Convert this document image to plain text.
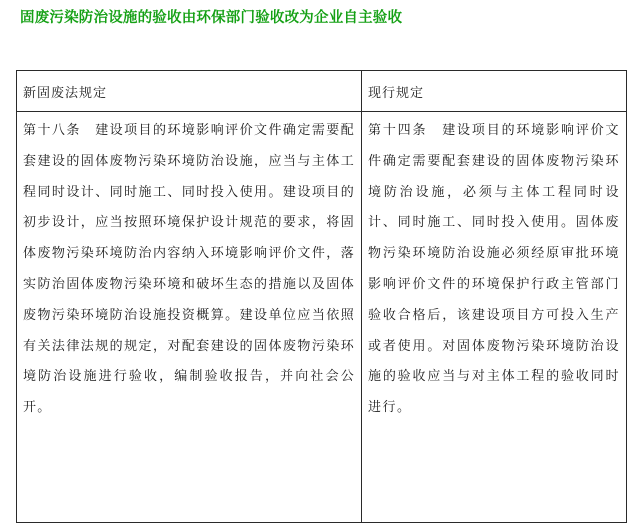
固废污染防治设施的验收由环保部门验收改为企业自主验收
新固废法规定
第十八条　建设项目的环境影响评价文件确定需要配套建设的固体废物污染环境防治设施，应当与主体工程同时设计、同时施工、同时投入使用。建设项目的初步设计，应当按照环境保护设计规范的要求，将固体废物污染环境防治内容纳入环境影响评价文件，落实防治固体废物污染环境和破坏生态的措施以及固体废物污染环境防治设施投资概算。建设单位应当依照有关法律法规的规定，对配套建设的固体废物污染环境防治设施进行验收，编制验收报告，并向社会公开。
现行规定
第十四条　建设项目的环境影响评价文件确定需要配套建设的固体废物污染环境防治设施，必须与主体工程同时设计、同时施工、同时投入使用。固体废物污染环境防治设施必须经原审批环境影响评价文件的环境保护行政主管部门验收合格后，该建设项目方可投入生产或者使用。对固体废物污染环境防治设施的验收应当与对主体工程的验收同时进行。
